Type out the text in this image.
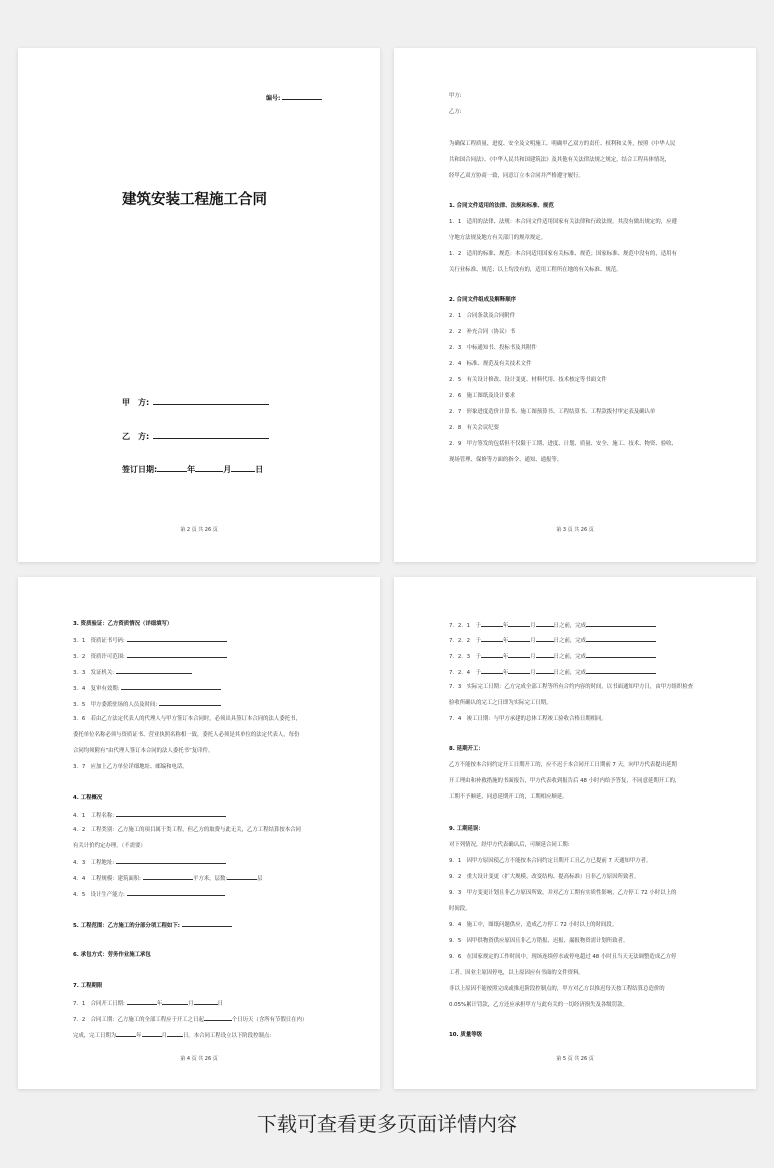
编号:
建筑安装工程施工合同
甲　方:
乙　方:
签订日期:	年	月	日
第 2 页 共 26 页
甲方:
乙方:
为确保工程质量、进度、安全及文明施工，明确甲乙双方的责任、权利和义务，按照《中华人民
共和国合同法》、《中华人民共和国建筑法》及其他有关法律法规之规定，结合工程具体情况，
经甲乙双方协商一致，同意订立本合同并严格遵守履行。
1. 合同文件适用的法律、法规和标准、规范
1．1　适用的法律、法规：本合同文件适用国家有关法律和行政法规。其没有做出规定的，应遵
守地方法规及地方有关部门的规章规定。
1．2　适用的标准、规范：本合同适用国家有关标准、规范；国家标准、规范中没有的，适用有
关行业标准、规范；以上均没有的，适用工程所在地的有关标准、规范。
2. 合同文件组成及解释顺序
2．1　合同条款及合同附件
2．2　补充合同（协议）书
2．3　中标通知书、投标书及其附件
2．4　标准、规范及有关技术文件
2．5　有关设计修改、设计变更、材料代用、技术核定等书面文件
2．6　施工图纸及设计要求
2．7　形象进度造价计算书、施工图预算书、工程结算书、工程款拨付审定表及确认单
2．8　有关会议纪要
2．9　甲方签发的包括但不仅限于工期、进度、计划、质量、安全、施工、技术、物资、验收、
现场管理、保修等方面的指令、通知、通报等。
第 3 页 共 26 页
3. 资质验证：乙方资质情况（详细填写）
3．1　资质证书号码:
3．2　资质许可范围:
3．3　发证机关:
3．4　复审有效期:
3．5　甲方委派驻场的人员及时间:
3．6　若由乙方法定代表人的代理人与甲方签订本合同时，必须出具签订本合同的法人委托书，
委托单位名称必须与资质证书、营业执照名称相一致，委托人必须是其单位的法定代表人，每份
合同均须附有“由代理人签订本合同的法人委托书”复印件。
3．7　应加上乙方单位详细地址、邮编和电话。
4. 工程概况
4．1　工程名称:
4．2　工程类别：乙方施工的项目属于类工程，但乙方的取费与此无关，乙方工程结算按本合同
有关计价约定办理。（不需要）
4．3　工程地址:
4．4　工程规模：建筑面积:	平方米，层数:	层
4．5　设计生产能力:
5. 工程范围：乙方施工的分部分项工程如下:
6. 承包方式：劳务作业施工承包
7. 工程期限
7．1　合同开工日期:	年	月	日
7．2　合同工期：乙方施工的全部工程应于开工之日起	个日历天（含所有节假日在内）
完成，完工日期为	年	月	日。本合同工程设立以下阶段控制点:
第 4 页 共 26 页
7．2．1　于	年	月	日之前，完成
7．2．2　于	年	月	日之前，完成
7．2．3　于	年	月	日之前，完成
7．2．4　于	年	月	日之前，完成
7．3　实际完工日期：乙方完成全部工程等所有合约内容的时间，以书面通知甲方日，由甲方组织检查
验收所确认的完工之日即为实际完工日期。
7．4　竣工日期：与甲方承建的总体工程竣工验收合格日期相同。
8. 延期开工：
乙方不能按本合同约定开工日期开工的，应不迟于本合同开工日期前 7 天，向甲方代表提出延期
开工理由和补救措施的书面报告，甲方代表收到报告后 48 小时内给予答复，不同意延期开工的，
工期不予顺延，同意延期开工的，工期相应顺延。
9. 工期延误：
对下列情况，经甲方代表确认后，可顺延合同工期:
9．1　因甲方原因使乙方不能按本合同约定日期开工且乙方已提前 7 天通知甲方者。
9．2　重大设计变更（扩大规模、改变结构、提高标准）且非乙方原因所致者。
9．3　甲方变更计划且非乙方原因所致，并对乙方工期有实质性影响，乙方停工 72 小时以上的
时间段。
9．4　施工中，图纸问题供应，造成乙方停工 72 小时以上的时间段。
9．5　因甲供物资供应原因且非乙方错报、迟报、漏报物资需计划所致者。
9．6　在国家规定的工作时间中，现场连续停水或停电超过 48 小时且当天无法调整造成乙方停
工者。因业主原因停电，以上原因应有书面的文件资料。
非以上原因不能按照完成或推迟阶段控制点的，甲方对乙方以推迟每天按工程结算总造价的
0.05%累计罚款，乙方还应承担甲方与此有关的一切经济损失及各级罚款。
10. 质量等级
第 5 页 共 26 页
下载可查看更多页面详情内容
